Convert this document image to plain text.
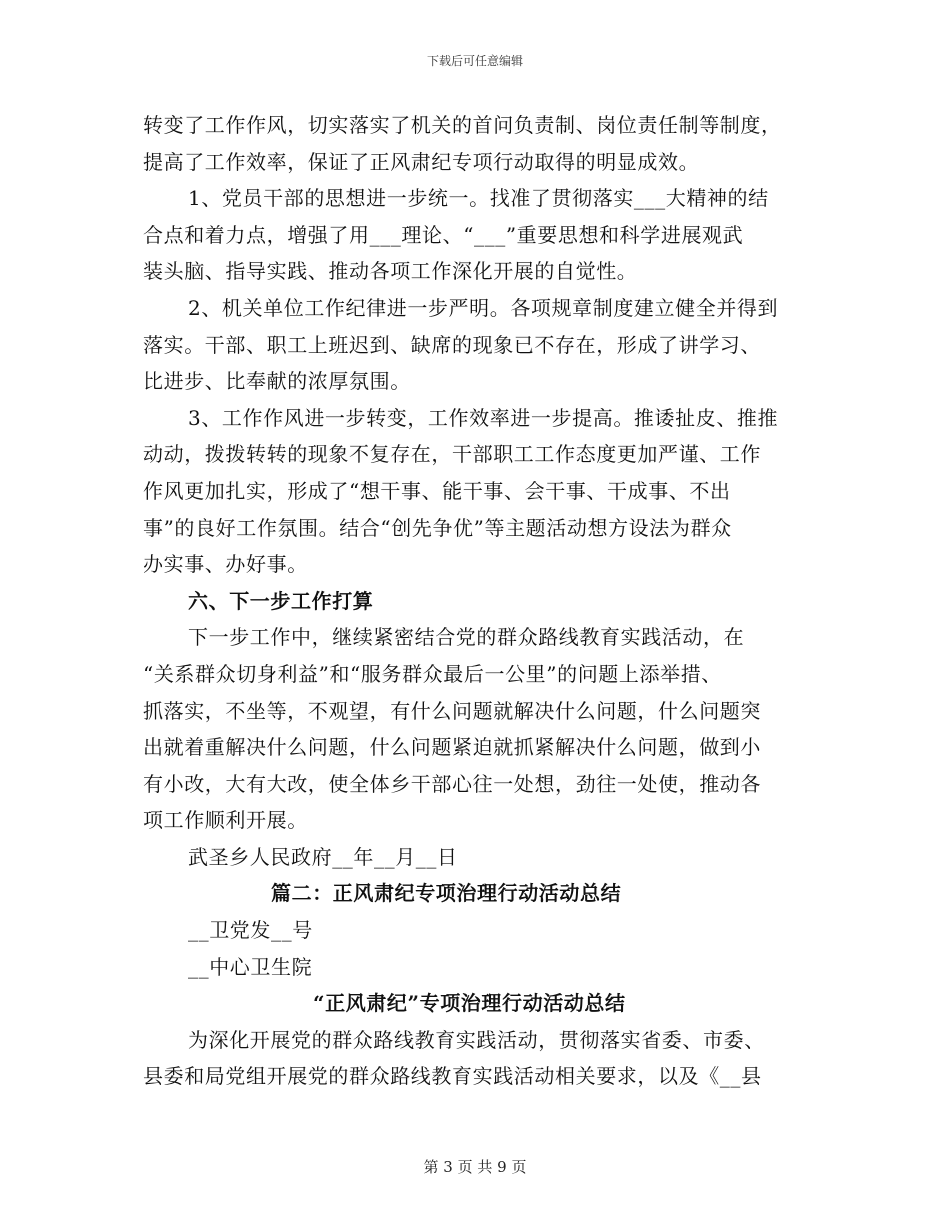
下载后可任意编辑
转变了工作作风，切实落实了机关的首问负责制、岗位责任制等制度，
提高了工作效率，保证了正风肃纪专项行动取得的明显成效。
1、党员干部的思想进一步统一。找准了贯彻落实___大精神的结
合点和着力点，增强了用___理论、“___”重要思想和科学进展观武
装头脑、指导实践、推动各项工作深化开展的自觉性。
2、机关单位工作纪律进一步严明。各项规章制度建立健全并得到
落实。干部、职工上班迟到、缺席的现象已不存在，形成了讲学习、
比进步、比奉献的浓厚氛围。
3、工作作风进一步转变，工作效率进一步提高。推诿扯皮、推推
动动，拨拨转转的现象不复存在，干部职工工作态度更加严谨、工作
作风更加扎实，形成了“想干事、能干事、会干事、干成事、不出
事”的良好工作氛围。结合“创先争优”等主题活动想方设法为群众
办实事、办好事。
六、下一步工作打算
下一步工作中，继续紧密结合党的群众路线教育实践活动，在
“关系群众切身利益”和“服务群众最后一公里”的问题上添举措、
抓落实，不坐等，不观望，有什么问题就解决什么问题，什么问题突
出就着重解决什么问题，什么问题紧迫就抓紧解决什么问题，做到小
有小改，大有大改，使全体乡干部心往一处想，劲往一处使，推动各
项工作顺利开展。
武圣乡人民政府__年__月__日
篇二：正风肃纪专项治理行动活动总结
__卫党发__号
__中心卫生院
“正风肃纪”专项治理行动活动总结
为深化开展党的群众路线教育实践活动，贯彻落实省委、市委、
县委和局党组开展党的群众路线教育实践活动相关要求，以及《__县
第 3 页 共 9 页
